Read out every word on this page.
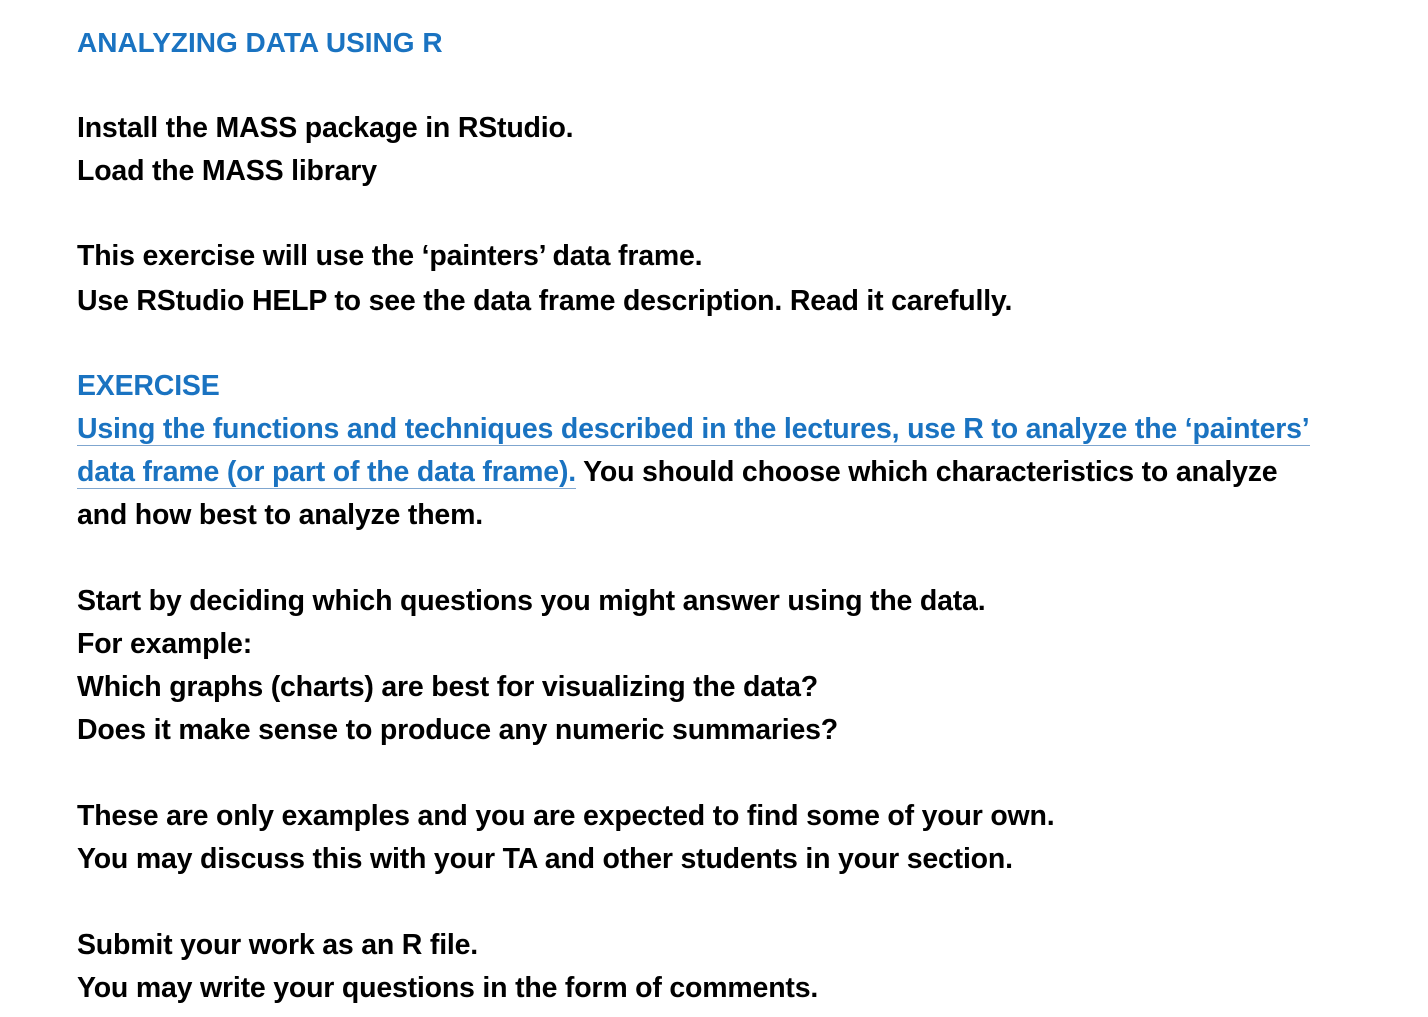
ANALYZING DATA USING R
Install the MASS package in RStudio.
Load the MASS library
This exercise will use the ‘painters’ data frame.
Use RStudio HELP to see the data frame description. Read it carefully.
EXERCISE
Using the functions and techniques described in the lectures, use R to analyze the ‘painters’
data frame (or part of the data frame). You should choose which characteristics to analyze
and how best to analyze them.
Start by deciding which questions you might answer using the data.
For example:
Which graphs (charts) are best for visualizing the data?
Does it make sense to produce any numeric summaries?
These are only examples and you are expected to find some of your own.
You may discuss this with your TA and other students in your section.
Submit your work as an R file.
You may write your questions in the form of comments.
